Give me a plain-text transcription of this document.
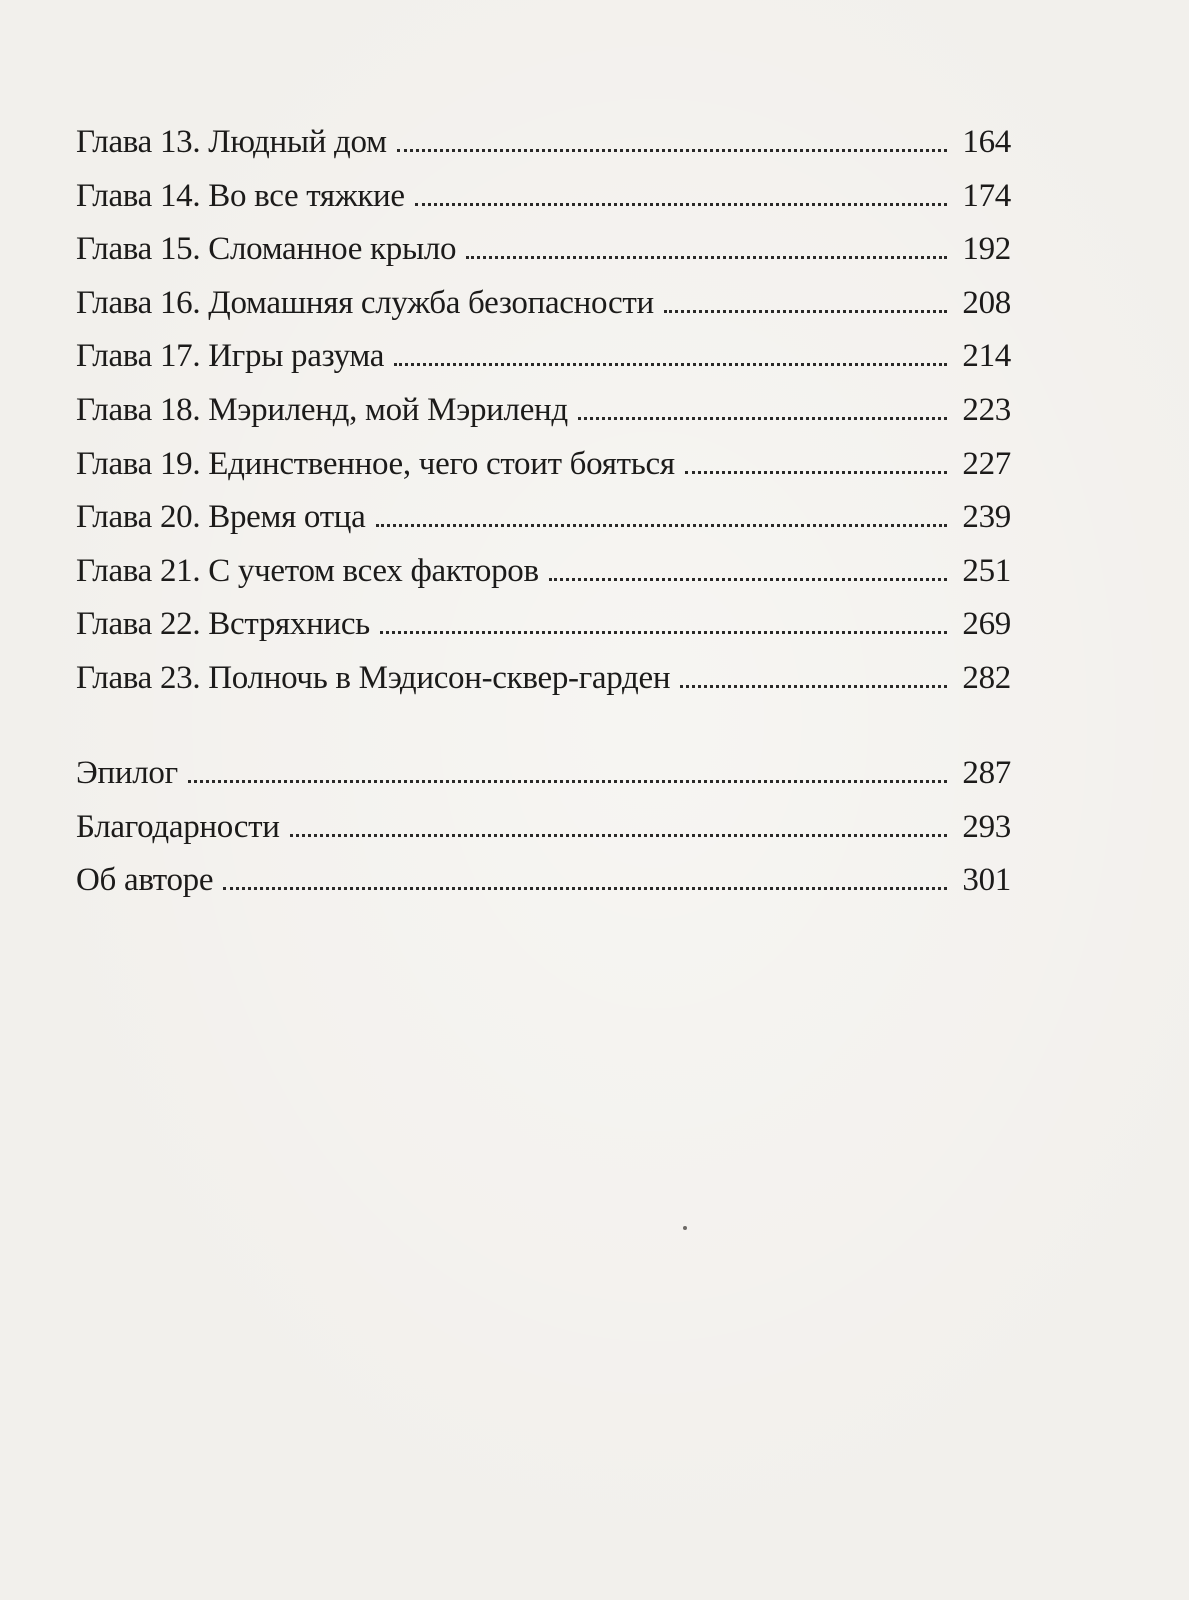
Глава 13. Людный дом	164
Глава 14. Во все тяжкие	174
Глава 15. Сломанное крыло	192
Глава 16. Домашняя служба безопасности	208
Глава 17. Игры разума	214
Глава 18. Мэриленд, мой Мэриленд	223
Глава 19. Единственное, чего стоит бояться	227
Глава 20. Время отца	239
Глава 21. С учетом всех факторов	251
Глава 22. Встряхнись	269
Глава 23. Полночь в Мэдисон-сквер-гарден	282
Эпилог	287
Благодарности	293
Об авторе	301
